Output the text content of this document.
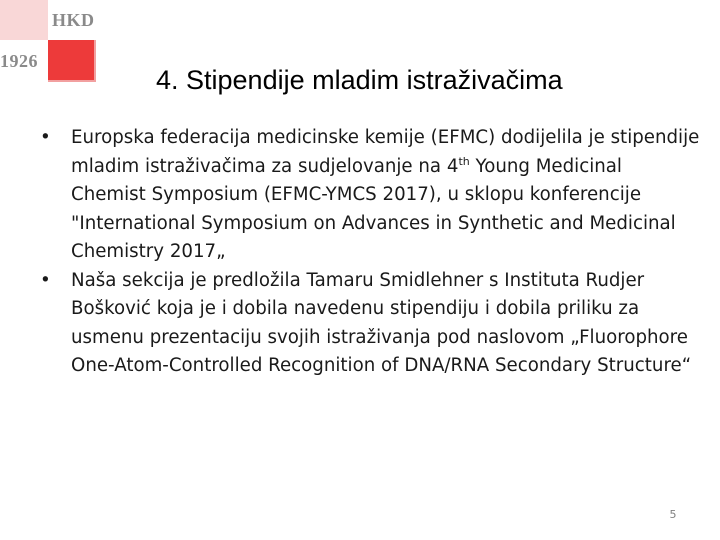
HKD
1926
4. Stipendije mladim istraživačima
• Europska federacija medicinske kemije (EFMC) dodijelila je stipendije mladim istraživačima za sudjelovanje na 4th Young Medicinal Chemist Symposium (EFMC-YMCS 2017), u sklopu konferencije "International Symposium on Advances in Synthetic and Medicinal Chemistry 2017„
• Naša sekcija je predložila Tamaru Smidlehner s Instituta Rudjer Bošković koja je i dobila navedenu stipendiju i dobila priliku za usmenu prezentaciju svojih istraživanja pod naslovom „Fluorophore One-Atom-Controlled Recognition of DNA/RNA Secondary Structure“
5
